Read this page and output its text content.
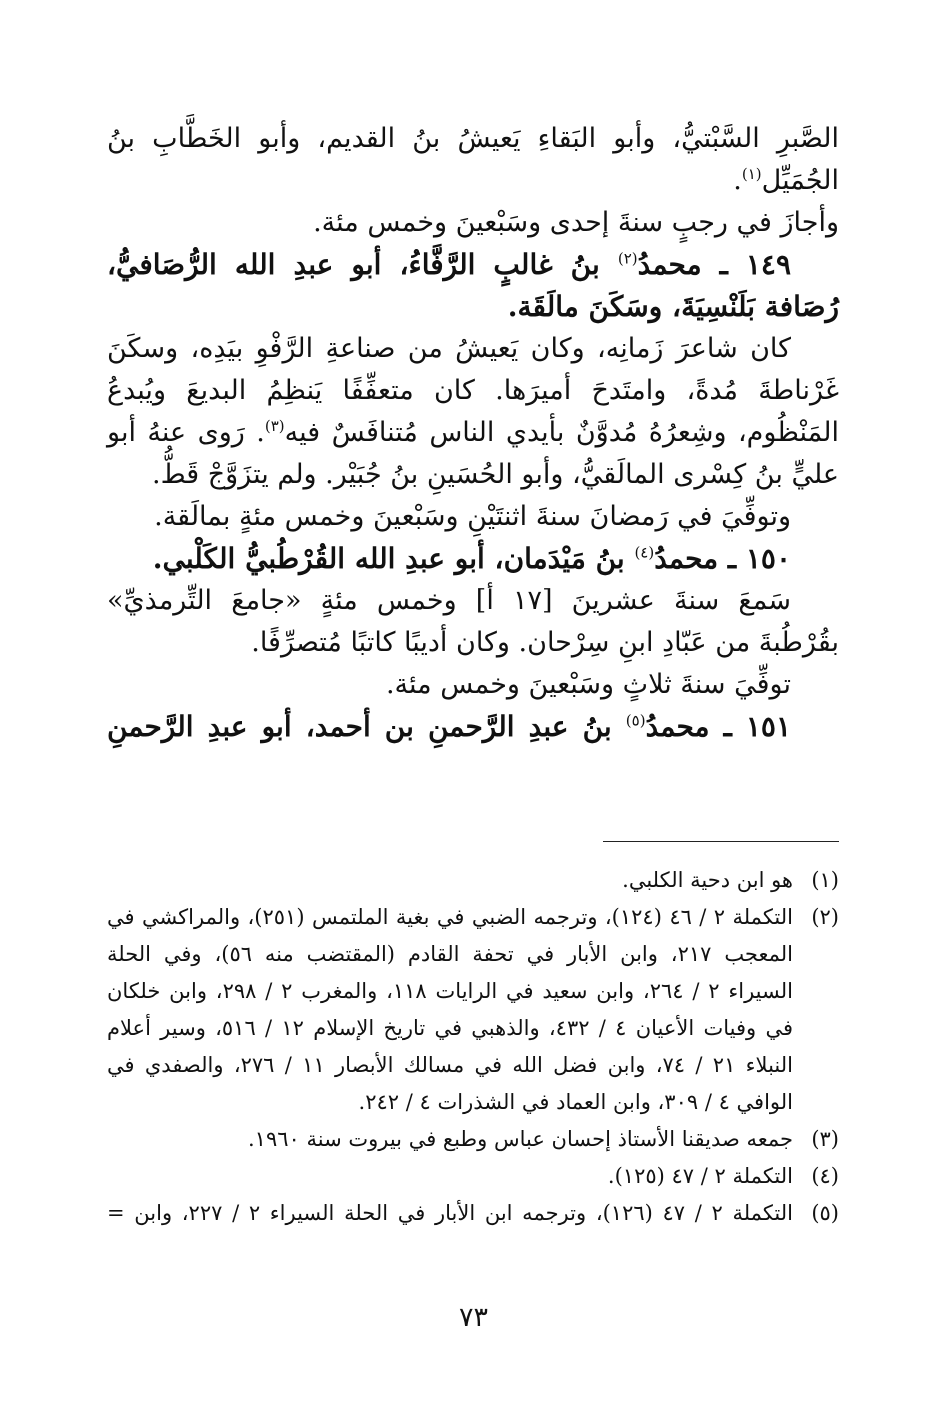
الصَّبرِ السَّبْتيُّ، وأبو البَقاءِ يَعيشُ بنُ القديم، وأبو الخَطَّابِ بنُ الجُمَيِّل$^{(١)}$.

وأجازَ في رجبٍ سنةَ إحدى وسَبْعينَ وخمس مئة.

١٤٩ ـ محمدُ$^{(٢)}$ بنُ غالبٍ الرَّفَّاءُ، أبو عبدِ الله الرُّصَافيُّ، رُصَافة بَلَنْسِيَةَ، وسَكَنَ مالَقَة.

كان شاعرَ زَمانِه، وكان يَعيشُ من صناعةِ الرَّفْوِ بيَدِه، وسكَنَ غَرْناطةَ مُدةً، وامتَدحَ أميرَها. كان متعفِّفًا يَنظِمُ البديعَ ويُبدعُ المَنْظُوم، وشِعرُهُ مُدوَّنٌ بأيدي الناس مُتنافَسٌ فيه$^{(٣)}$. رَوى عنهُ أبو عليٍّ بنُ كِسْرى المالَقيُّ، وأبو الحُسَينِ بنُ جُبَيْر. ولم يتزَوَّجْ قَطُّ.

وتوفِّيَ في رَمضانَ سنةَ اثنتَيْنِ وسَبْعينَ وخمس مئةٍ بمالَقة.

١٥٠ ـ محمدُ$^{(٤)}$ بنُ مَيْدَمان، أبو عبدِ الله القُرْطُبيُّ الكَلْبي.

سَمعَ سنةَ عشرينَ [١٧ أ] وخمس مئةٍ «جامعَ التِّرمذيِّ» بقُرْطُبةَ من عَبّادِ ابنِ سِرْحان. وكان أديبًا كاتبًا مُتصرِّفًا.

توفِّيَ سنةَ ثلاثٍ وسَبْعينَ وخمس مئة.

١٥١ ـ محمدُ$^{(٥)}$ بنُ عبدِ الرَّحمنِ بن أحمد، أبو عبدِ الرَّحمنِ

(١)
هو ابن دحية الكلبي.
(٢)
التكملة ٢ / ٤٦ (١٢٤)، وترجمه الضبي في بغية الملتمس (٢٥١)، والمراكشي في المعجب ٢١٧، وابن الأبار في تحفة القادم (المقتضب منه ٥٦)، وفي الحلة السيراء ٢ / ٢٦٤، وابن سعيد في الرايات ١١٨، والمغرب ٢ / ٢٩٨، وابن خلكان في وفيات الأعيان ٤ / ٤٣٢، والذهبي في تاريخ الإسلام ١٢ / ٥١٦، وسير أعلام النبلاء ٢١ / ٧٤، وابن فضل الله في مسالك الأبصار ١١ / ٢٧٦، والصفدي في الوافي ٤ / ٣٠٩، وابن العماد في الشذرات ٤ / ٢٤٢.
(٣)
جمعه صديقنا الأستاذ إحسان عباس وطبع في بيروت سنة ١٩٦٠.
(٤)
التكملة ٢ / ٤٧ (١٢٥).
(٥)
التكملة ٢ / ٤٧ (١٢٦)، وترجمه ابن الأبار في الحلة السيراء ٢ / ٢٢٧، وابن =
٧٣
